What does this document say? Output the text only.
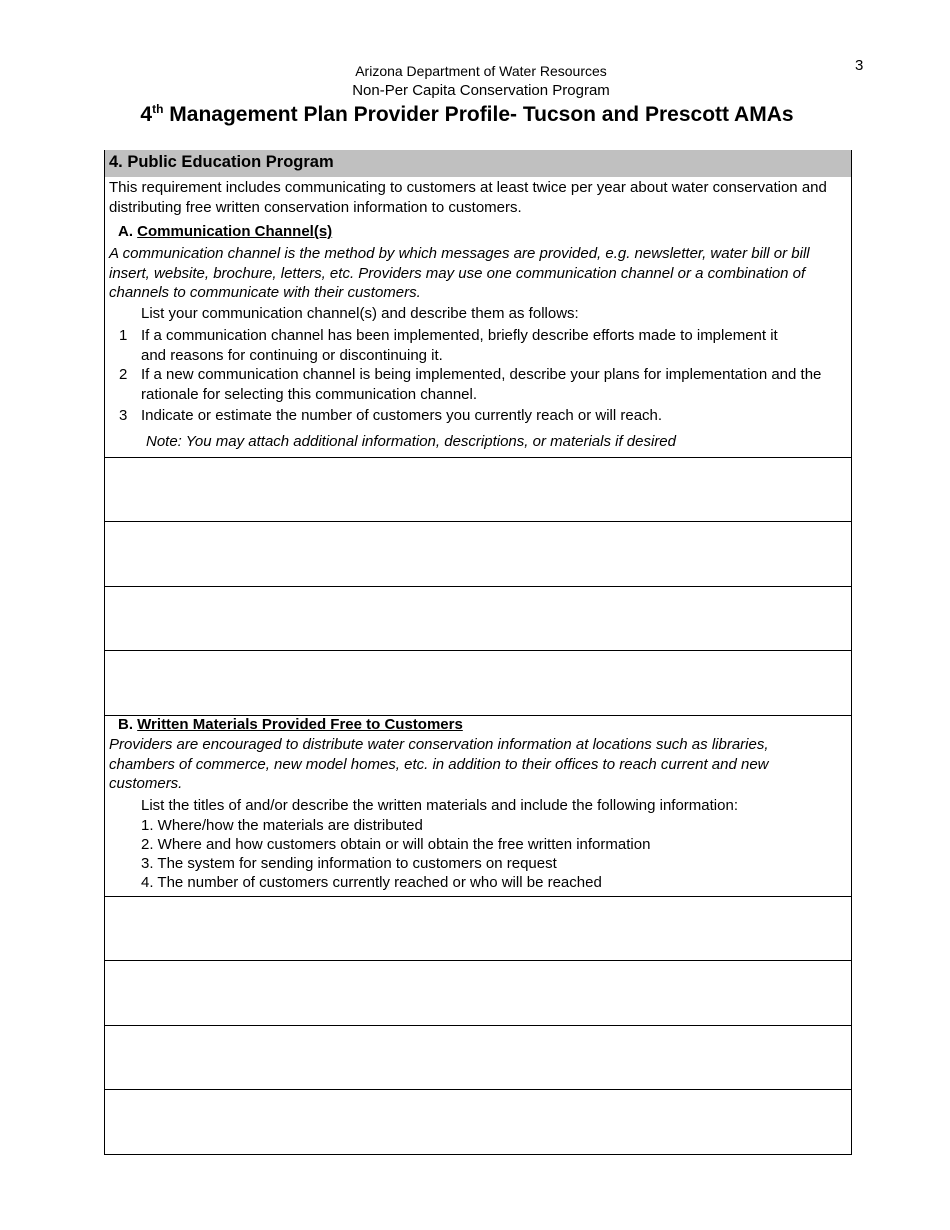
3
Arizona Department of Water Resources
Non-Per Capita Conservation Program
4th Management Plan Provider Profile- Tucson and Prescott AMAs
4. Public Education Program
This requirement includes communicating to customers at least twice per year about water conservation and distributing free written conservation information to customers.
A. Communication Channel(s)
A communication channel is the method by which messages are provided, e.g. newsletter, water bill or bill insert, website, brochure, letters, etc. Providers may use one communication channel or a combination of channels to communicate with their customers.
List your communication channel(s) and describe them as follows:
1 If a communication channel has been implemented, briefly describe efforts made to implement it and reasons for continuing or discontinuing it.
2 If a new communication channel is being implemented, describe your plans for implementation and the rationale for selecting this communication channel.
3 Indicate or estimate the number of customers you currently reach or will reach.
Note: You may attach additional information, descriptions, or materials if desired
B. Written Materials Provided Free to Customers
Providers are encouraged to distribute water conservation information at locations such as libraries, chambers of commerce, new model homes, etc. in addition to their offices to reach current and new customers.
List the titles of and/or describe the written materials and include the following information:
1. Where/how the materials are distributed
2. Where and how customers obtain or will obtain the free written information
3. The system for sending information to customers on request
4. The number of customers currently reached or who will be reached
